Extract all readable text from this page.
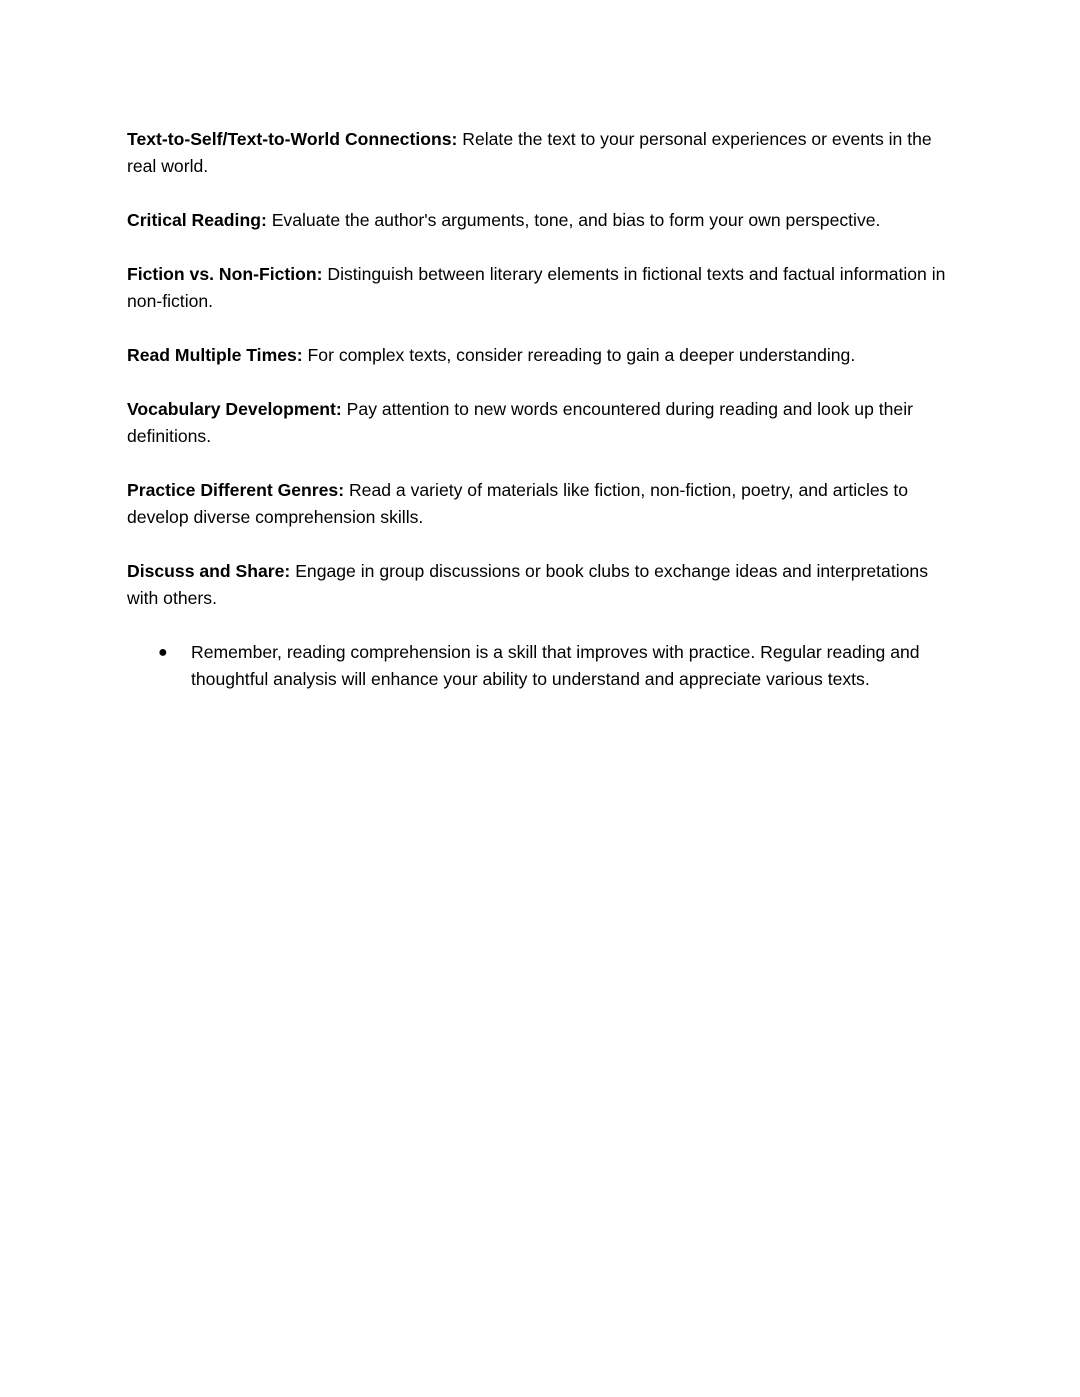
Text-to-Self/Text-to-World Connections: Relate the text to your personal experiences or events in the real world.

Critical Reading: Evaluate the author's arguments, tone, and bias to form your own perspective.

Fiction vs. Non-Fiction: Distinguish between literary elements in fictional texts and factual information in non-fiction.

Read Multiple Times: For complex texts, consider rereading to gain a deeper understanding.

Vocabulary Development: Pay attention to new words encountered during reading and look up their definitions.

Practice Different Genres: Read a variety of materials like fiction, non-fiction, poetry, and articles to develop diverse comprehension skills.

Discuss and Share: Engage in group discussions or book clubs to exchange ideas and interpretations with others.

● Remember, reading comprehension is a skill that improves with practice. Regular reading and thoughtful analysis will enhance your ability to understand and appreciate various texts.
